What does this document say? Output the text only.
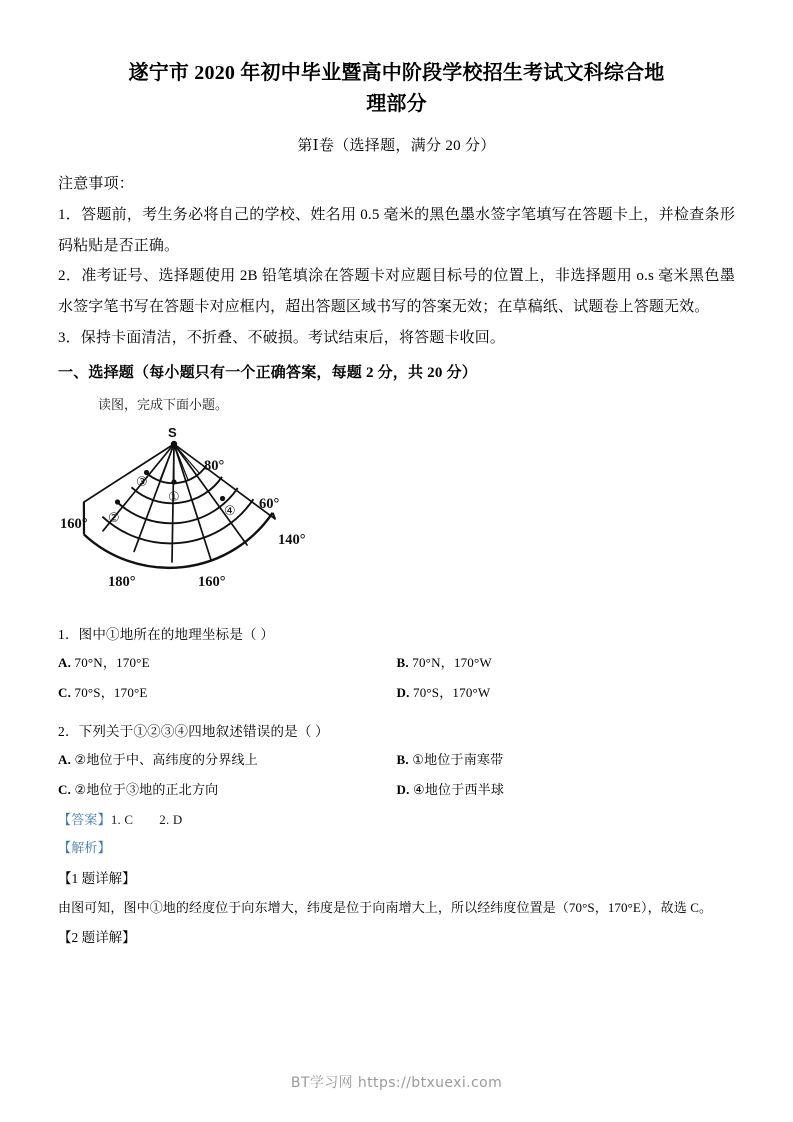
遂宁市 2020 年初中毕业暨高中阶段学校招生考试文科综合地
理部分
第Ⅰ卷（选择题，满分 20 分）
注意事项：
1．答题前，考生务必将自己的学校、姓名用 0.5 毫米的黑色墨水签字笔填写在答题卡上，并检查条形码粘贴是否正确。
2．准考证号、选择题使用 2B 铅笔填涂在答题卡对应题目标号的位置上，非选择题用 o.s 毫米黑色墨水签字笔书写在答题卡对应框内，超出答题区域书写的答案无效；在草稿纸、试题卷上答题无效。
3．保持卡面清洁，不折叠、不破损。考试结束后，将答题卡收回。
一、选择题（每小题只有一个正确答案，每题 2 分，共 20 分）
读图，完成下面小题。
①
②
③
④
80°
60°
140°
160°
180°	160°
S
1．图中①地所在的地理坐标是（ ）
A. 70°N，170°E	B. 70°N，170°W
C. 70°S，170°E	D. 70°S，170°W
2．下列关于①②③④四地叙述错误的是（ ）
A. ②地位于中、高纬度的分界线上	B. ①地位于南寒带
C. ②地位于③地的正北方向	D. ④地位于西半球
【答案】1. C 2. D
【解析】
【1 题详解】
由图可知，图中①地的经度位于向东增大，纬度是位于向南增大上，所以经纬度位置是（70°S，170°E），故选 C。
【2 题详解】
BT学习网 https://btxuexi.com
